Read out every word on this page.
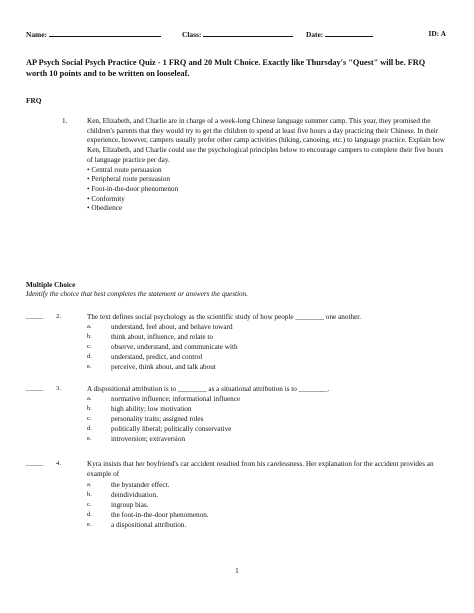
Name:	Class:	Date:	ID: A
AP Psych Social Psych Practice Quiz - 1 FRQ and 20 Mult Choice. Exactly like Thursday's "Quest" will be. FRQ worth 10 points and to be written on looseleaf.
FRQ
1.	Ken, Elizabeth, and Charlie are in charge of a week-long Chinese language summer camp. This year, they promised the children's parents that they would try to get the children to spend at least five hours a day practicing their Chinese. In their experience, however, campers usually prefer other camp activities (hiking, canoeing, etc.) to language practice. Explain how Ken, Elizabeth, and Charlie could use the psychological principles below to encourage campers to complete their five hours of language practice per day.
• Central route persuasion
• Peripheral route persuasion
• Foot-in-the-door phenomenon
• Conformity
• Obedience
Multiple Choice
Identify the choice that best completes the statement or answers the question.
____ 2.	The text defines social psychology as the scientific study of how people ________ one another.
a.	understand, feel about, and behave toward
b.	think about, influence, and relate to
c.	observe, understand, and communicate with
d.	understand, predict, and control
e.	perceive, think about, and talk about
____ 3.	A dispositional attribution is to ________ as a situational attribution is to ________.
a.	normative influence; informational influence
b.	high ability; low motivation
c.	personality traits; assigned roles
d.	politically liberal; politically conservative
e.	introversion; extraversion
____ 4.	Kyra insists that her boyfriend's car accident resulted from his carelessness. Her explanation for the accident provides an example of
a.	the bystander effect.
b.	deindividuation.
c.	ingroup bias.
d.	the foot-in-the-door phenomenon.
e.	a dispositional attribution.
1
